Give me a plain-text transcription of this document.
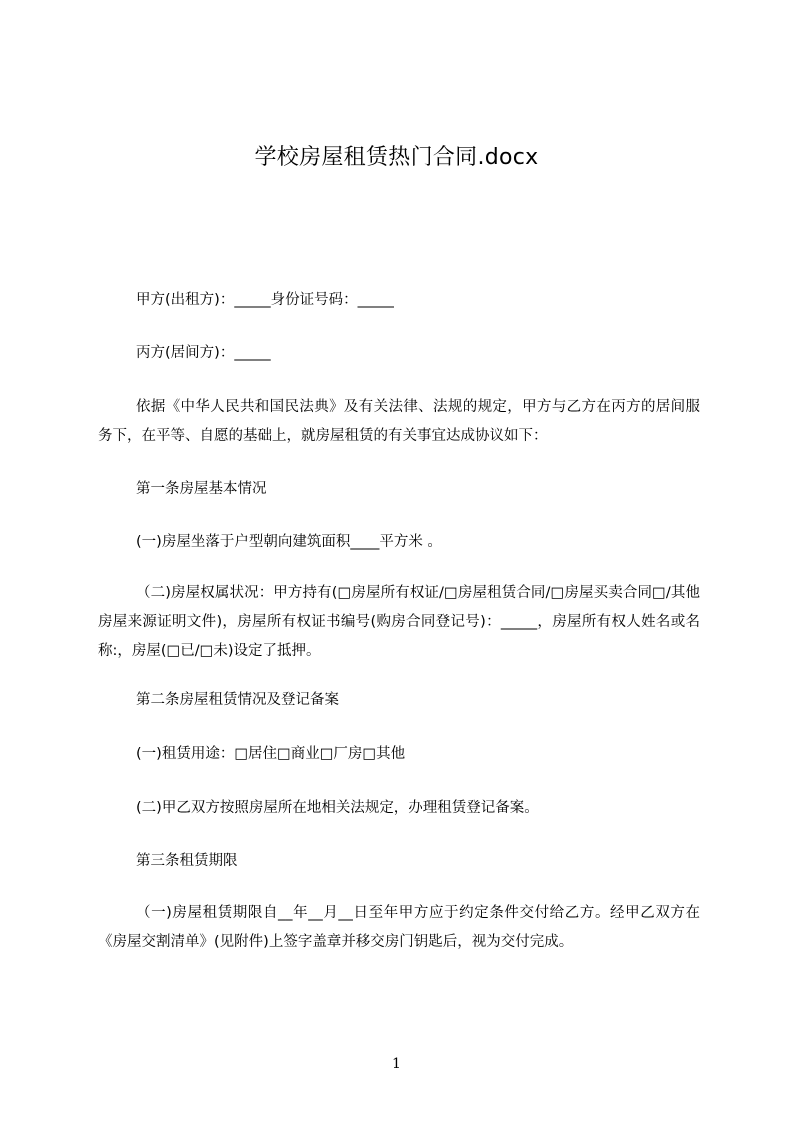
学校房屋租赁热门合同.docx
甲方(出租方)：_____身份证号码：_____
丙方(居间方)：_____
依据《中华人民共和国民法典》及有关法律、法规的规定，甲方与乙方在丙方的居间服务下，在平等、自愿的基础上，就房屋租赁的有关事宜达成协议如下：
第一条房屋基本情况
(一)房屋坐落于户型朝向建筑面积____平方米 。
（二)房屋权属状况：甲方持有(□房屋所有权证/□房屋租赁合同/□房屋买卖合同□/其他房屋来源证明文件)，房屋所有权证书编号(购房合同登记号)：_____，房屋所有权人姓名或名称:，房屋(□已/□未)设定了抵押。
第二条房屋租赁情况及登记备案
(一)租赁用途：□居住□商业□厂房□其他
(二)甲乙双方按照房屋所在地相关法规定，办理租赁登记备案。
第三条租赁期限
（一)房屋租赁期限自__年__月__日至年甲方应于约定条件交付给乙方。经甲乙双方在《房屋交割清单》(见附件)上签字盖章并移交房门钥匙后，视为交付完成。
1
